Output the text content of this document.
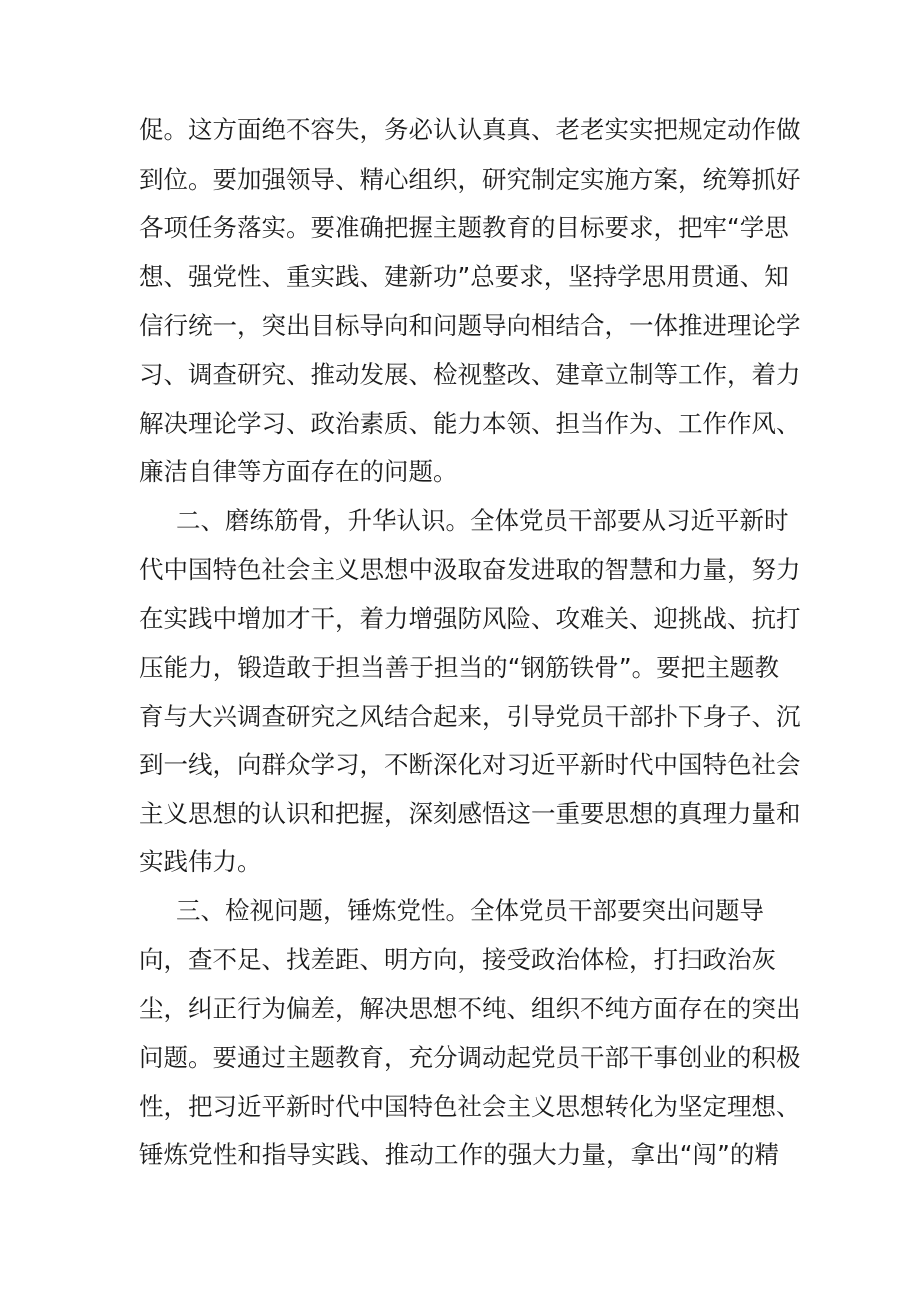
促。这方面绝不容失，务必认认真真、老老实实把规定动作做

到位。要加强领导、精心组织，研究制定实施方案，统筹抓好

各项任务落实。要准确把握主题教育的目标要求，把牢“学思

想、强党性、重实践、建新功”总要求，坚持学思用贯通、知

信行统一，突出目标导向和问题导向相结合，一体推进理论学

习、调查研究、推动发展、检视整改、建章立制等工作，着力

解决理论学习、政治素质、能力本领、担当作为、工作作风、

廉洁自律等方面存在的问题。

二、磨练筋骨，升华认识。全体党员干部要从习近平新时

代中国特色社会主义思想中汲取奋发进取的智慧和力量，努力

在实践中增加才干，着力增强防风险、攻难关、迎挑战、抗打

压能力，锻造敢于担当善于担当的“钢筋铁骨”。要把主题教

育与大兴调查研究之风结合起来，引导党员干部扑下身子、沉

到一线，向群众学习，不断深化对习近平新时代中国特色社会

主义思想的认识和把握，深刻感悟这一重要思想的真理力量和

实践伟力。

三、检视问题，锤炼党性。全体党员干部要突出问题导

向，查不足、找差距、明方向，接受政治体检，打扫政治灰

尘，纠正行为偏差，解决思想不纯、组织不纯方面存在的突出

问题。要通过主题教育，充分调动起党员干部干事创业的积极

性，把习近平新时代中国特色社会主义思想转化为坚定理想、

锤炼党性和指导实践、推动工作的强大力量，拿出“闯”的精
